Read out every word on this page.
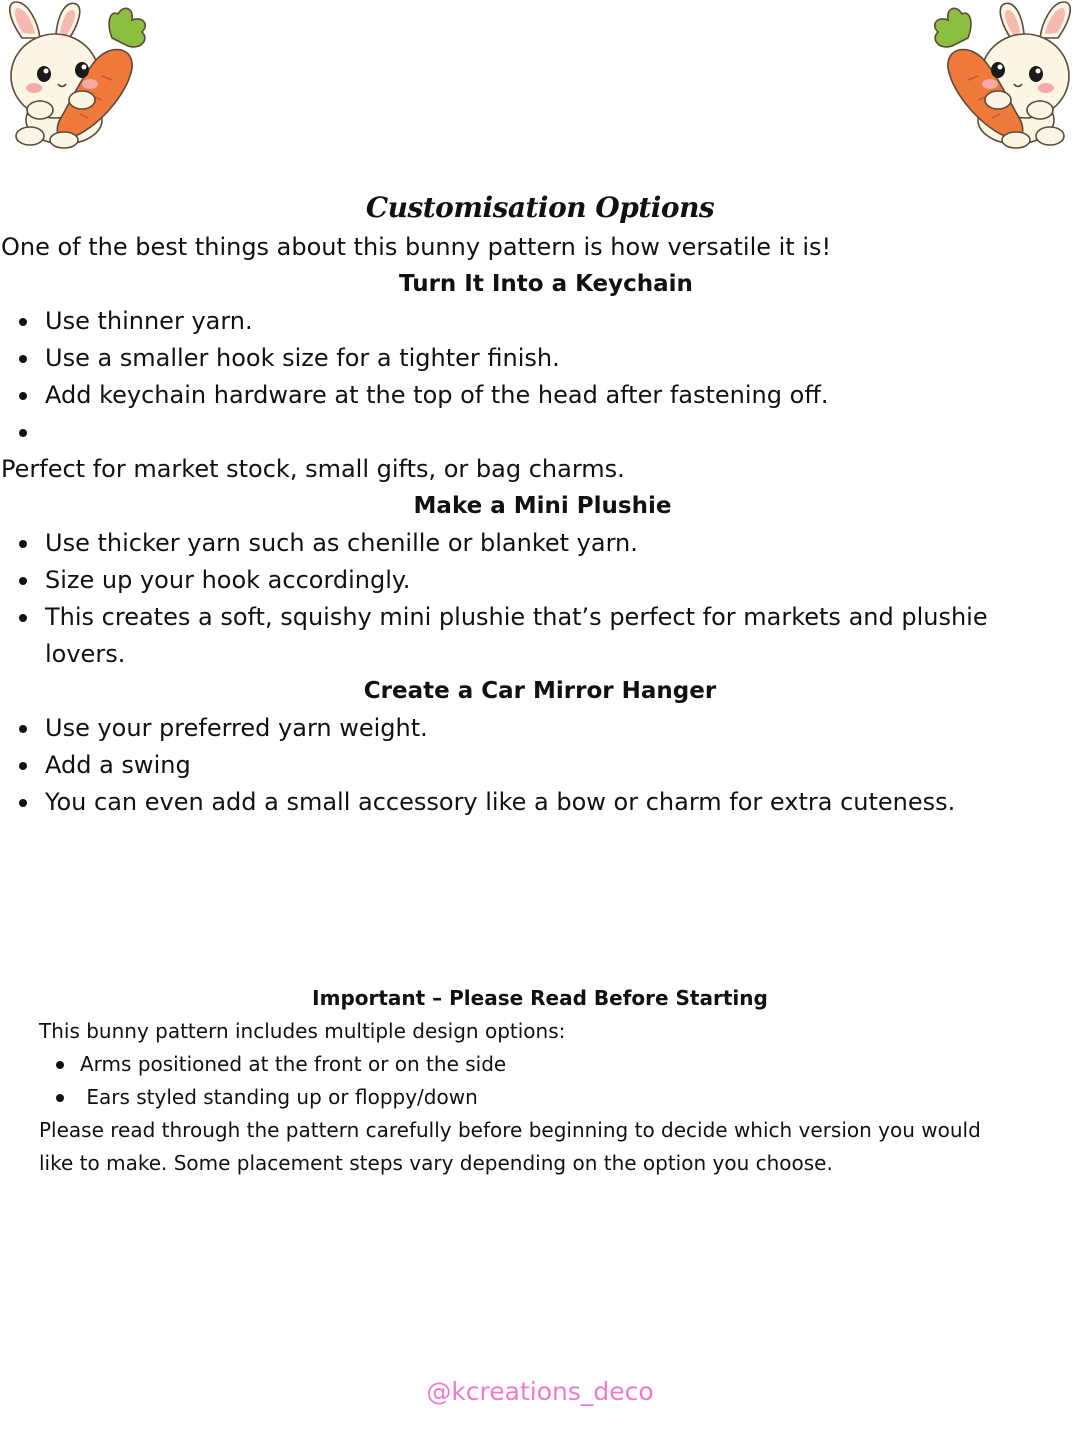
Customisation Options
One of the best things about this bunny pattern is how versatile it is!
Turn It Into a Keychain
Use thinner yarn.
Use a smaller hook size for a tighter finish.
Add keychain hardware at the top of the head after fastening off.
Perfect for market stock, small gifts, or bag charms.
Make a Mini Plushie
Use thicker yarn such as chenille or blanket yarn.
Size up your hook accordingly.
This creates a soft, squishy mini plushie that’s perfect for markets and plushie lovers.
Create a Car Mirror Hanger
Use your preferred yarn weight.
Add a swing
You can even add a small accessory like a bow or charm for extra cuteness.
Important – Please Read Before Starting
This bunny pattern includes multiple design options:
Arms positioned at the front or on the side
Ears styled standing up or floppy/down
Please read through the pattern carefully before beginning to decide which version you would like to make. Some placement steps vary depending on the option you choose.
@kcreations_deco
